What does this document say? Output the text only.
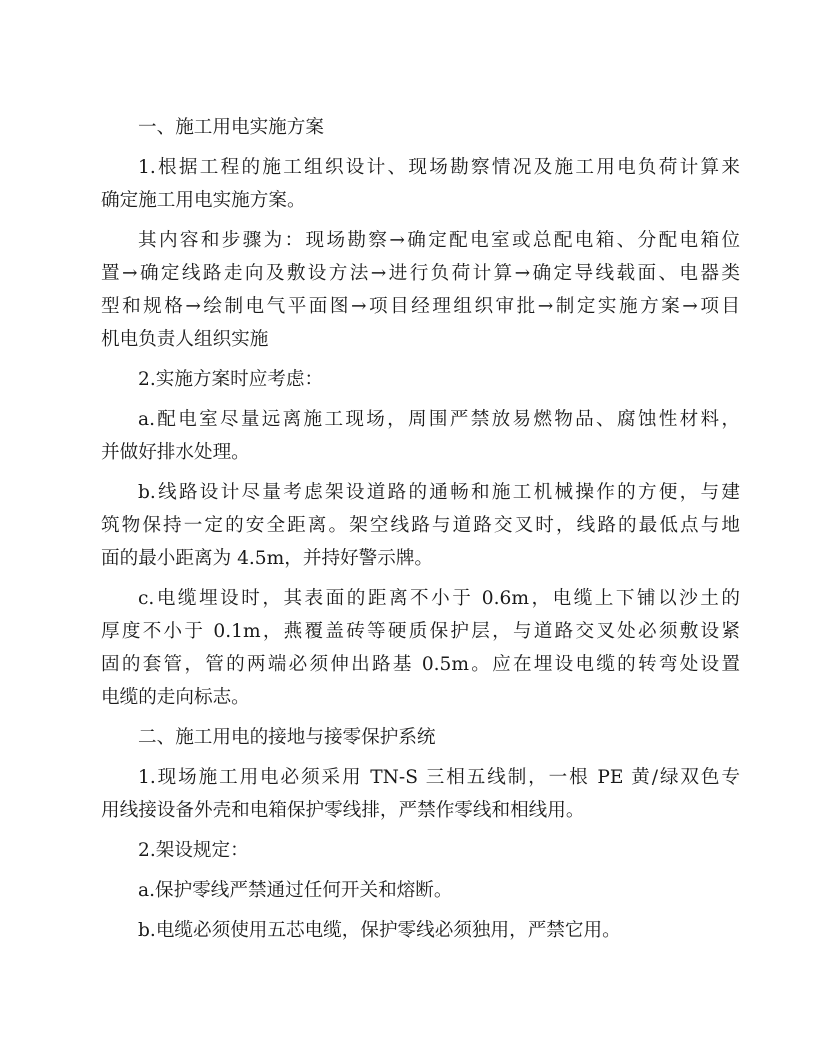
一、施工用电实施方案
1.根据工程的施工组织设计、现场勘察情况及施工用电负荷计算来
确定施工用电实施方案。
其内容和步骤为：现场勘察→确定配电室或总配电箱、分配电箱位
置→确定线路走向及敷设方法→进行负荷计算→确定导线载面、电器类
型和规格→绘制电气平面图→项目经理组织审批→制定实施方案→项目
机电负责人组织实施
2.实施方案时应考虑：
a.配电室尽量远离施工现场，周围严禁放易燃物品、腐蚀性材料，
并做好排水处理。
b.线路设计尽量考虑架设道路的通畅和施工机械操作的方便，与建
筑物保持一定的安全距离。架空线路与道路交叉时，线路的最低点与地
面的最小距离为 4.5m，并持好警示牌。
c.电缆埋设时，其表面的距离不小于 0.6m，电缆上下铺以沙土的
厚度不小于 0.1m，燕覆盖砖等硬质保护层，与道路交叉处必须敷设紧
固的套管，管的两端必须伸出路基 0.5m。应在埋设电缆的转弯处设置
电缆的走向标志。
二、施工用电的接地与接零保护系统
1.现场施工用电必须采用 TN-S 三相五线制，一根 PE 黄/绿双色专
用线接设备外壳和电箱保护零线排，严禁作零线和相线用。
2.架设规定：
a.保护零线严禁通过任何开关和熔断。
b.电缆必须使用五芯电缆，保护零线必须独用，严禁它用。
